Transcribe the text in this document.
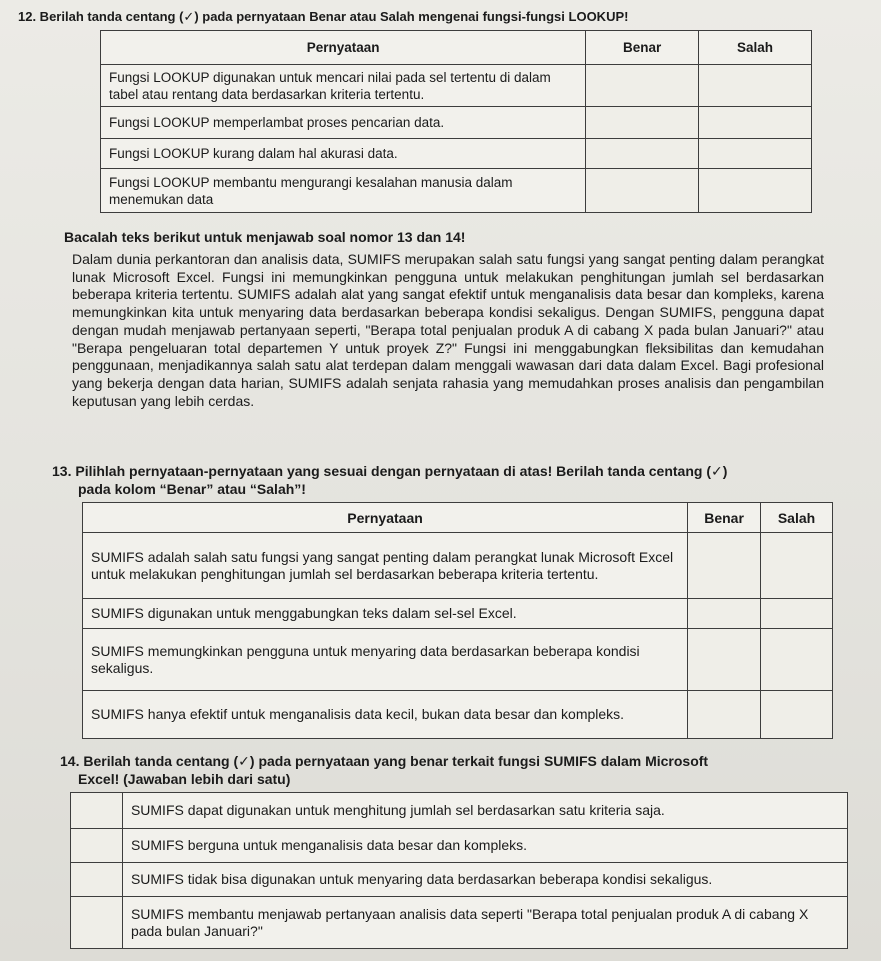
12. Berilah tanda centang (✓) pada pernyataan Benar atau Salah mengenai fungsi-fungsi LOOKUP!
Pernyataan	Benar	Salah
Fungsi LOOKUP digunakan untuk mencari nilai pada sel tertentu di dalam tabel atau rentang data berdasarkan kriteria tertentu.		
Fungsi LOOKUP memperlambat proses pencarian data.		
Fungsi LOOKUP kurang dalam hal akurasi data.		
Fungsi LOOKUP membantu mengurangi kesalahan manusia dalam menemukan data		
Bacalah teks berikut untuk menjawab soal nomor 13 dan 14!
Dalam dunia perkantoran dan analisis data, SUMIFS merupakan salah satu fungsi yang sangat penting dalam perangkat lunak Microsoft Excel. Fungsi ini memungkinkan pengguna untuk melakukan penghitungan jumlah sel berdasarkan beberapa kriteria tertentu. SUMIFS adalah alat yang sangat efektif untuk menganalisis data besar dan kompleks, karena memungkinkan kita untuk menyaring data berdasarkan beberapa kondisi sekaligus. Dengan SUMIFS, pengguna dapat dengan mudah menjawab pertanyaan seperti, "Berapa total penjualan produk A di cabang X pada bulan Januari?" atau "Berapa pengeluaran total departemen Y untuk proyek Z?" Fungsi ini menggabungkan fleksibilitas dan kemudahan penggunaan, menjadikannya salah satu alat terdepan dalam menggali wawasan dari data dalam Excel. Bagi profesional yang bekerja dengan data harian, SUMIFS adalah senjata rahasia yang memudahkan proses analisis dan pengambilan keputusan yang lebih cerdas.
13. Pilihlah pernyataan-pernyataan yang sesuai dengan pernyataan di atas! Berilah tanda centang (✓)
pada kolom “Benar” atau “Salah”!
Pernyataan	Benar	Salah
SUMIFS adalah salah satu fungsi yang sangat penting dalam perangkat lunak Microsoft Excel untuk melakukan penghitungan jumlah sel berdasarkan beberapa kriteria tertentu.		
SUMIFS digunakan untuk menggabungkan teks dalam sel-sel Excel.		
SUMIFS memungkinkan pengguna untuk menyaring data berdasarkan beberapa kondisi sekaligus.		
SUMIFS hanya efektif untuk menganalisis data kecil, bukan data besar dan kompleks.		
14. Berilah tanda centang (✓) pada pernyataan yang benar terkait fungsi SUMIFS dalam Microsoft
Excel! (Jawaban lebih dari satu)
	SUMIFS dapat digunakan untuk menghitung jumlah sel berdasarkan satu kriteria saja.
	SUMIFS berguna untuk menganalisis data besar dan kompleks.
	SUMIFS tidak bisa digunakan untuk menyaring data berdasarkan beberapa kondisi sekaligus.
	SUMIFS membantu menjawab pertanyaan analisis data seperti "Berapa total penjualan produk A di cabang X pada bulan Januari?"
